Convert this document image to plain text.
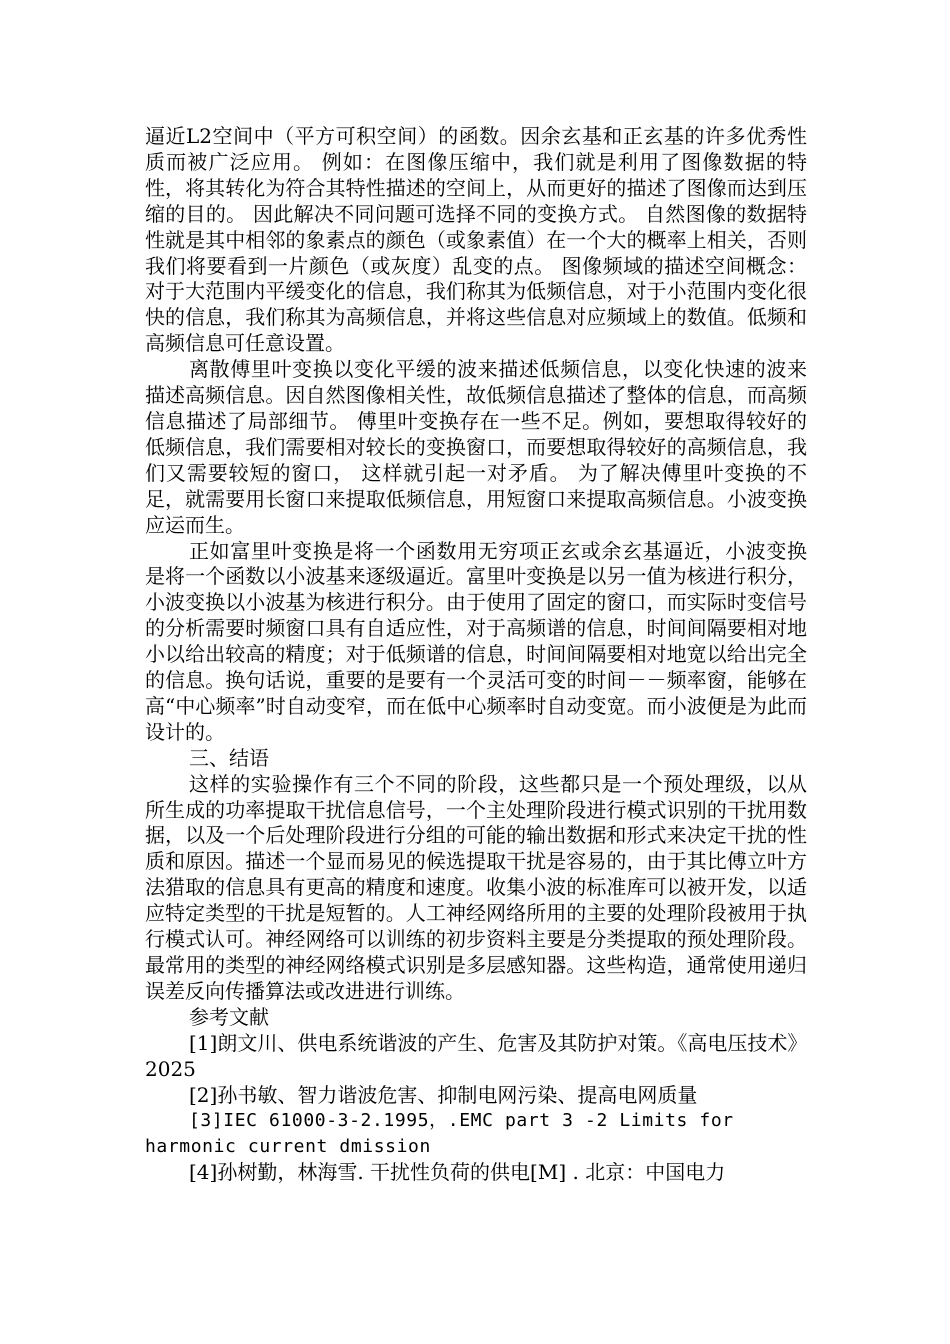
逼近L2空间中（平方可积空间）的函数。因余玄基和正玄基的许多优秀性质而被广泛应用。 例如：在图像压缩中，我们就是利用了图像数据的特性，将其转化为符合其特性描述的空间上，从而更好的描述了图像而达到压缩的目的。 因此解决不同问题可选择不同的变换方式。 自然图像的数据特性就是其中相邻的象素点的颜色（或象素值）在一个大的概率上相关，否则我们将要看到一片颜色（或灰度）乱变的点。 图像频域的描述空间概念：对于大范围内平缓变化的信息，我们称其为低频信息，对于小范围内变化很快的信息，我们称其为高频信息，并将这些信息对应频域上的数值。低频和高频信息可任意设置。

离散傅里叶变换以变化平缓的波来描述低频信息，以变化快速的波来描述高频信息。因自然图像相关性，故低频信息描述了整体的信息，而高频信息描述了局部细节。 傅里叶变换存在一些不足。例如，要想取得较好的低频信息，我们需要相对较长的变换窗口，而要想取得较好的高频信息，我们又需要较短的窗口， 这样就引起一对矛盾。 为了解决傅里叶变换的不足，就需要用长窗口来提取低频信息，用短窗口来提取高频信息。小波变换应运而生。

正如富里叶变换是将一个函数用无穷项正玄或余玄基逼近，小波变换是将一个函数以小波基来逐级逼近。富里叶变换是以另一值为核进行积分，小波变换以小波基为核进行积分。由于使用了固定的窗口，而实际时变信号的分析需要时频窗口具有自适应性，对于高频谱的信息，时间间隔要相对地小以给出较高的精度；对于低频谱的信息，时间间隔要相对地宽以给出完全的信息。换句话说，重要的是要有一个灵活可变的时间－－频率窗，能够在高“中心频率”时自动变窄，而在低中心频率时自动变宽。而小波便是为此而设计的。

三、结语

这样的实验操作有三个不同的阶段，这些都只是一个预处理级，以从所生成的功率提取干扰信息信号，一个主处理阶段进行模式识别的干扰用数据，以及一个后处理阶段进行分组的可能的输出数据和形式来决定干扰的性质和原因。描述一个显而易见的候选提取干扰是容易的，由于其比傅立叶方法猎取的信息具有更高的精度和速度。收集小波的标准库可以被开发，以适应特定类型的干扰是短暂的。人工神经网络所用的主要的处理阶段被用于执行模式认可。神经网络可以训练的初步资料主要是分类提取的预处理阶段。最常用的类型的神经网络模式识别是多层感知器。这些构造，通常使用递归误差反向传播算法或改进进行训练。

参考文献

[1]朗文川、供电系统谐波的产生、危害及其防护对策。《高电压技术》2025

[2]孙书敏、智力谐波危害、抑制电网污染、提高电网质量

[3]IEC 61000-3-2.1995，.EMC part 3 -2 Limits for harmonic current dmission

[4]孙树勤，林海雪. 干扰性负荷的供电[M] . 北京：中国电力
